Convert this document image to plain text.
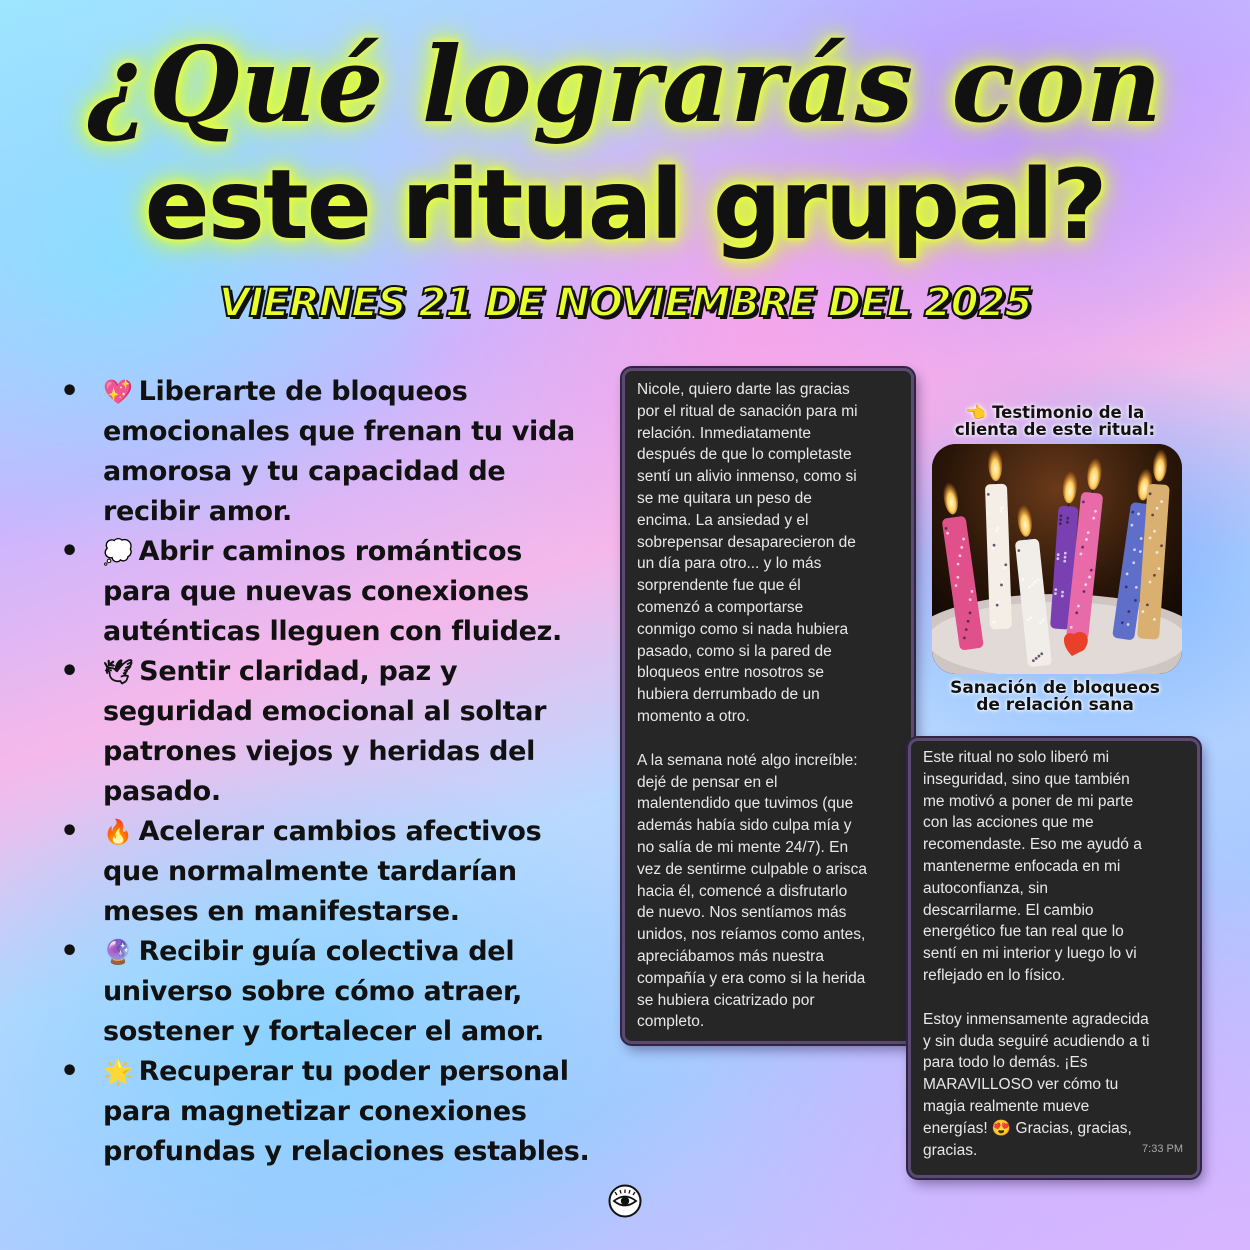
¿Qué lograrás con
este ritual grupal?
VIERNES 21 DE NOVIEMBRE DEL 2025
• 💖 Liberarte de bloqueos
emocionales que frenan tu vida
amorosa y tu capacidad de
recibir amor.
• 💭 Abrir caminos románticos
para que nuevas conexiones
auténticas lleguen con fluidez.
• 🕊 Sentir claridad, paz y
seguridad emocional al soltar
patrones viejos y heridas del
pasado.
• 🔥 Acelerar cambios afectivos
que normalmente tardarían
meses en manifestarse.
• 🔮 Recibir guía colectiva del
universo sobre cómo atraer,
sostener y fortalecer el amor.
• 🌟 Recuperar tu poder personal
para magnetizar conexiones
profundas y relaciones estables.

Nicole, quiero darte las gracias

por el ritual de sanación para mi

relación. Inmediatamente

después de que lo completaste

sentí un alivio inmenso, como si

se me quitara un peso de

encima. La ansiedad y el

sobrepensar desaparecieron de

un día para otro... y lo más

sorprendente fue que él

comenzó a comportarse

conmigo como si nada hubiera

pasado, como si la pared de

bloqueos entre nosotros se

hubiera derrumbado de un

momento a otro.

A la semana noté algo increíble:

dejé de pensar en el

malentendido que tuvimos (que

además había sido culpa mía y

no salía de mi mente 24/7). En

vez de sentirme culpable o arisca

hacia él, comencé a disfrutarlo

de nuevo. Nos sentíamos más

unidos, nos reíamos como antes,

apreciábamos más nuestra

compañía y era como si la herida

se hubiera cicatrizado por

completo.

👈 Testimonio de la
clienta de este ritual:
Sanación de bloqueos
de relación sana

Este ritual no solo liberó mi

inseguridad, sino que también

me motivó a poner de mi parte

con las acciones que me

recomendaste. Eso me ayudó a

mantenerme enfocada en mi

autoconfianza, sin

descarrilarme. El cambio

energético fue tan real que lo

sentí en mi interior y luego lo vi

reflejado en lo físico.

Estoy inmensamente agradecida

y sin duda seguiré acudiendo a ti

para todo lo demás. ¡Es

MARAVILLOSO ver cómo tu

magia realmente mueve

energías! 😍 Gracias, gracias,

gracias.	7:33 PM
